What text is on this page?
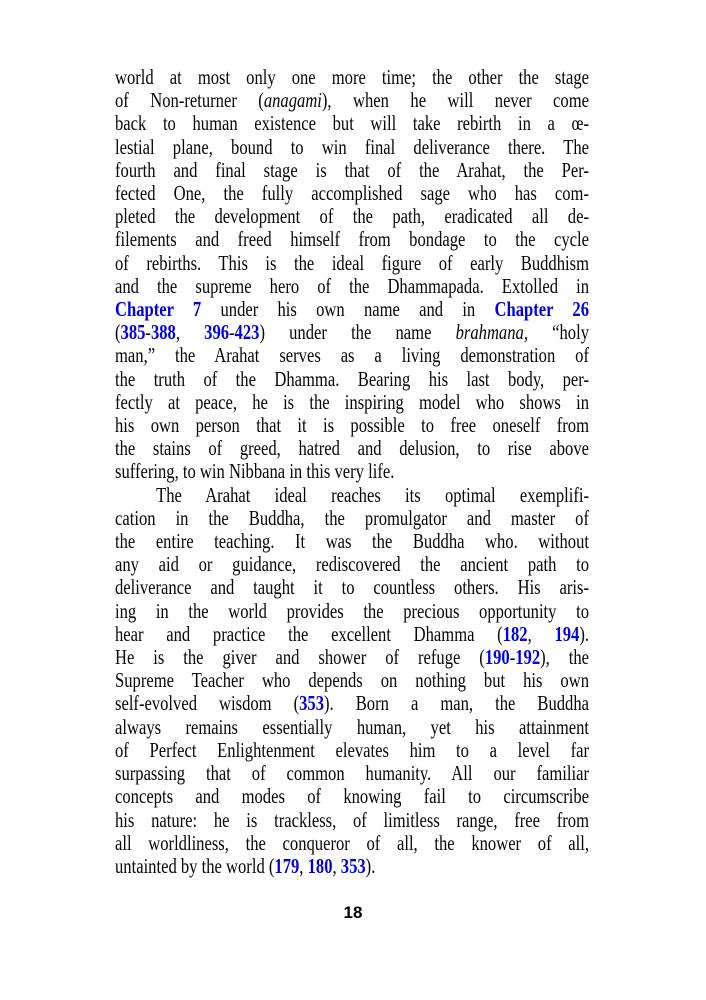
world at most only one more time; the other the stage
of Non-returner (anagami), when he will never come
back to human existence but will take rebirth in a œ-
lestial plane, bound to win final deliverance there. The
fourth and final stage is that of the Arahat, the Per-
fected One, the fully accomplished sage who has com-
pleted the development of the path, eradicated all de-
filements and freed himself from bondage to the cycle
of rebirths. This is the ideal figure of early Buddhism
and the supreme hero of the Dhammapada. Extolled in
Chapter 7 under his own name and in Chapter 26
(385-388, 396-423) under the name brahmana, “holy
man,” the Arahat serves as a living demonstration of
the truth of the Dhamma. Bearing his last body, per-
fectly at peace, he is the inspiring model who shows in
his own person that it is possible to free oneself from
the stains of greed, hatred and delusion, to rise above
suffering, to win Nibbana in this very life.
The Arahat ideal reaches its optimal exemplifi-
cation in the Buddha, the promulgator and master of
the entire teaching. It was the Buddha who. without
any aid or guidance, rediscovered the ancient path to
deliverance and taught it to countless others. His aris-
ing in the world provides the precious opportunity to
hear and practice the excellent Dhamma (182, 194).
He is the giver and shower of refuge (190-192), the
Supreme Teacher who depends on nothing but his own
self-evolved wisdom (353). Born a man, the Buddha
always remains essentially human, yet his attainment
of Perfect Enlightenment elevates him to a level far
surpassing that of common humanity. All our familiar
concepts and modes of knowing fail to circumscribe
his nature: he is trackless, of limitless range, free from
all worldliness, the conqueror of all, the knower of all,
untainted by the world (179, 180, 353).
18
